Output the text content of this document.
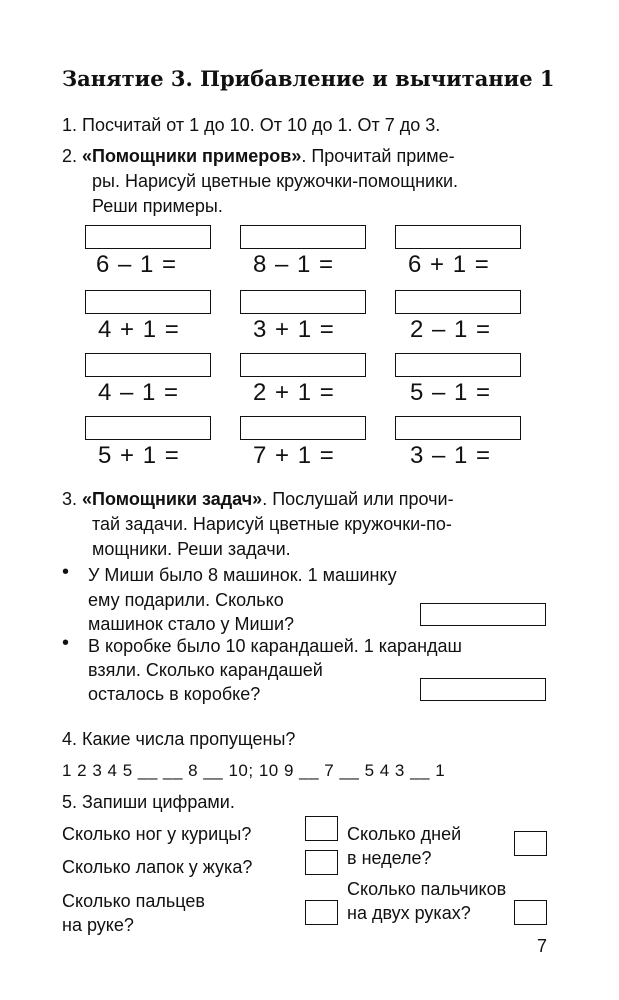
Занятие 3. Прибавление и вычитание 1
1. Посчитай от 1 до 10. От 10 до 1. От 7 до 3.
2. «Помощники примеров». Прочитай приме-
ры. Нарисуй цветные кружочки-помощники.
Реши примеры.
6 – 1 =	8 – 1 =	6 + 1 =
4 + 1 =	3 + 1 =	2 – 1 =
4 – 1 =	2 + 1 =	5 – 1 =
5 + 1 =	7 + 1 =	3 – 1 =
3. «Помощники задач». Послушай или прочи-
тай задачи. Нарисуй цветные кружочки-по-
мощники. Реши задачи.
• У Миши было 8 машинок. 1 машинку
ему подарили. Сколько
машинок стало у Миши?
• В коробке было 10 карандашей. 1 карандаш
взяли. Сколько карандашей
осталось в коробке?
4. Какие числа пропущены?
1 2 3 4 5 __ __ 8 __ 10; 10 9 __ 7 __ 5 4 3 __ 1
5. Запиши цифрами.
Сколько ног у курицы?
Сколько лапок у жука?
Сколько пальцев
на руке?
Сколько дней
в неделе?
Сколько пальчиков
на двух руках?
7
